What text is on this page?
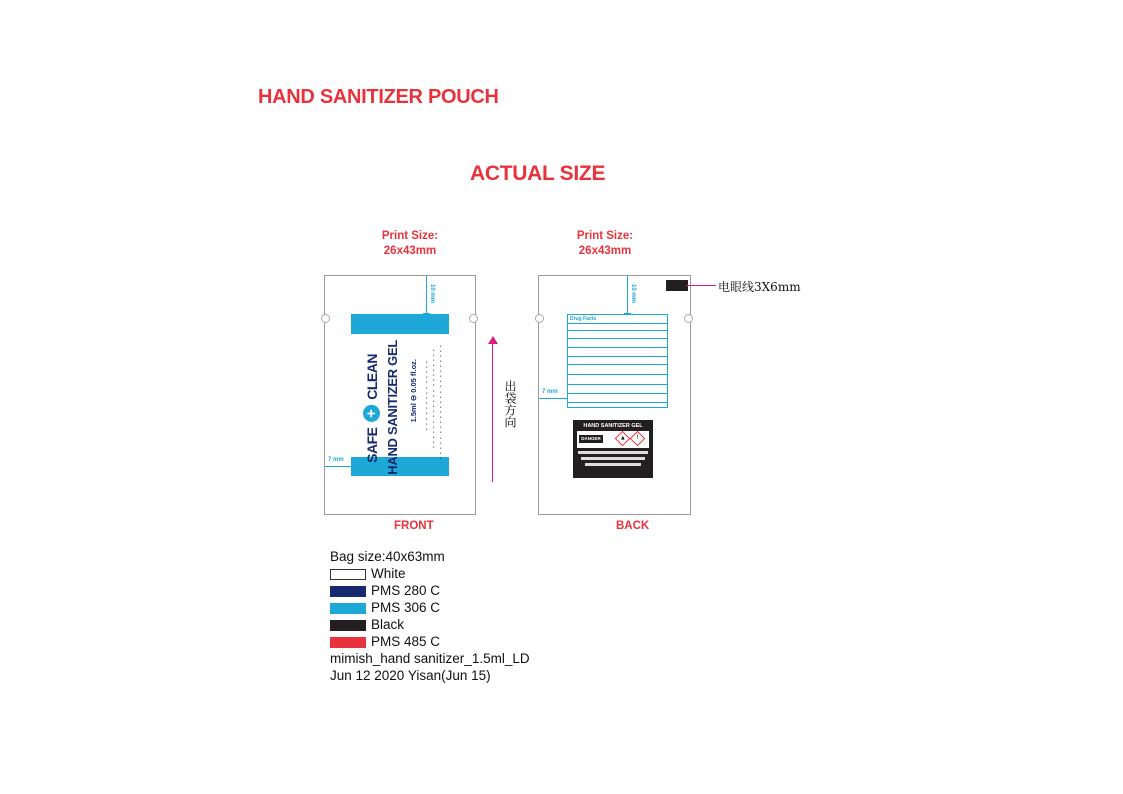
HAND SANITIZER POUCH
ACTUAL SIZE
Print Size:
26x43mm
Print Size:
26x43mm
10 mm
7 mm SAFE + CLEAN HAND SANITIZER GEL 1.5ml ⊖ 0.05 fl.oz. ▪▪▪ ▪▪▪▪▪▪ ▪▪▪▪▪ ▪▪▪▪▪▪ ▪▪▪▪▪▪ ▪▪▪▪▪▪▪▪ ▪▪▪▪▪ ▪▪▪▪▪▪▪▪▪ ▪▪▪▪▪▪▪▪▪
FRONT
出袋方向
10 mm
7 mm
Drug Facts
HAND SANITIZER GEL
DANGER	▲	!
BACK
电眼线3X6mm
Bag size:40x63mm
White
PMS 280 C
PMS 306 C
Black
PMS 485 C
mimish_hand sanitizer_1.5ml_LD
Jun 12 2020 Yisan(Jun 15)
